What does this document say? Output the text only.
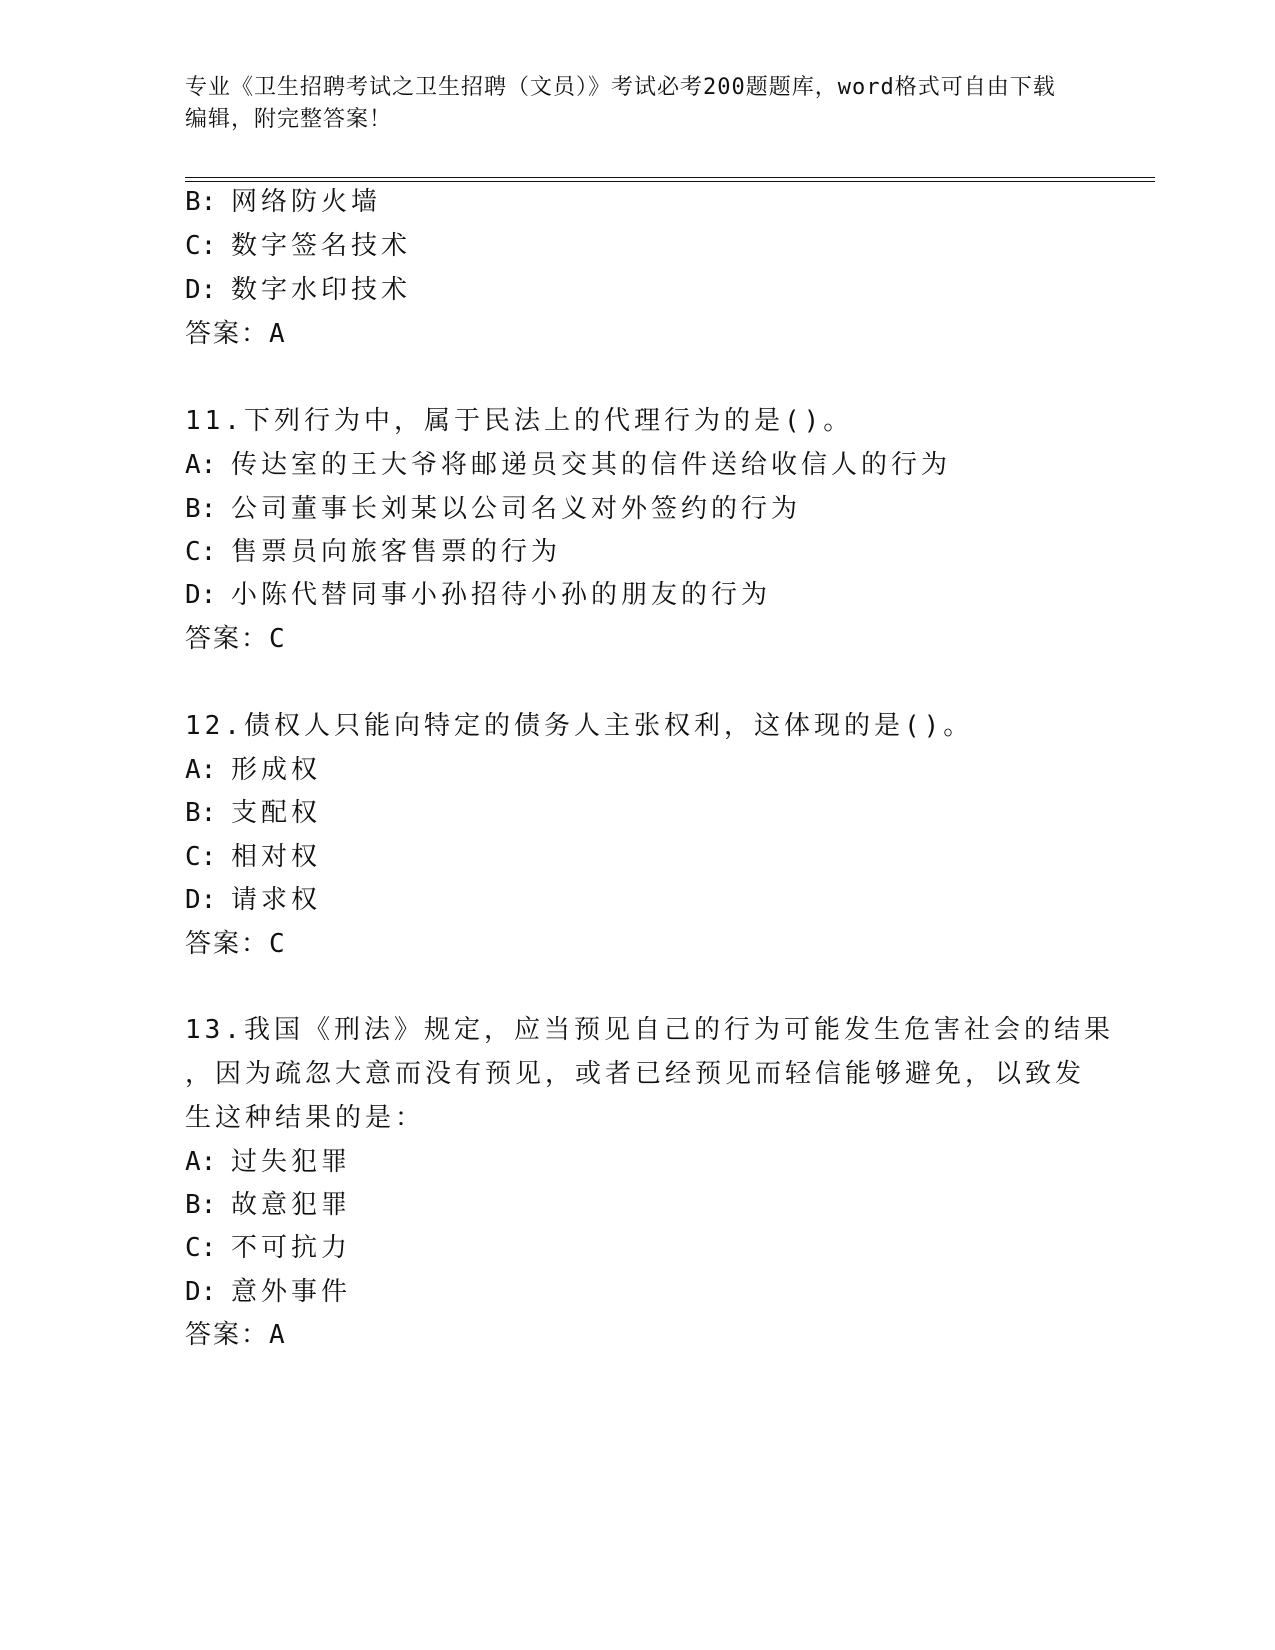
专业《卫生招聘考试之卫生招聘（文员）》考试必考200题题库，word格式可自由下载编辑，附完整答案！
B: 网络防火墙
C: 数字签名技术
D: 数字水印技术
答案：A
11.下列行为中，属于民法上的代理行为的是()。
A: 传达室的王大爷将邮递员交其的信件送给收信人的行为
B: 公司董事长刘某以公司名义对外签约的行为
C: 售票员向旅客售票的行为
D: 小陈代替同事小孙招待小孙的朋友的行为
答案：C
12.债权人只能向特定的债务人主张权利，这体现的是()。
A: 形成权
B: 支配权
C: 相对权
D: 请求权
答案：C
13.我国《刑法》规定，应当预见自己的行为可能发生危害社会的结果
，因为疏忽大意而没有预见，或者已经预见而轻信能够避免，以致发
生这种结果的是：
A: 过失犯罪
B: 故意犯罪
C: 不可抗力
D: 意外事件
答案：A
